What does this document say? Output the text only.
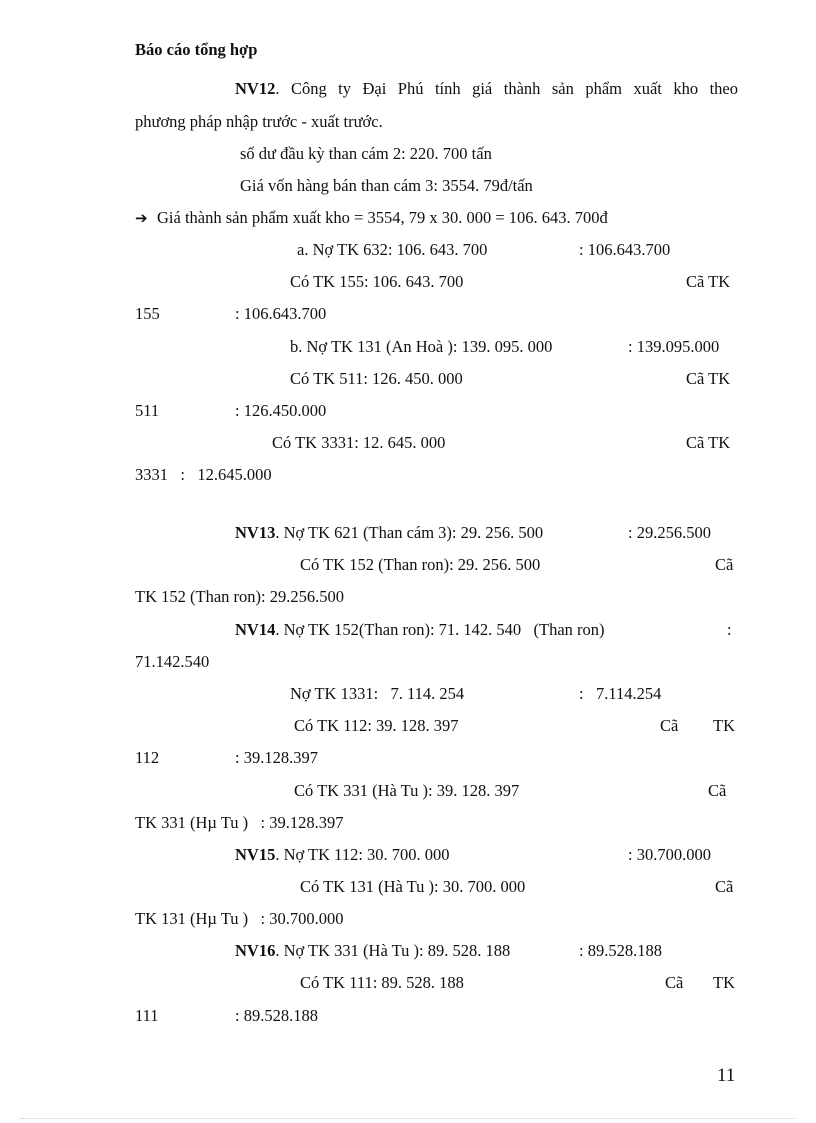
Báo cáo tổng hợp
NV12. Công ty Đại Phú tính giá thành sản phẩm xuất kho theo
phương pháp nhập trước - xuất trước.
số dư đầu kỳ than cám 2: 220. 700 tấn
Giá vốn hàng bán than cám 3: 3554. 79đ/tấn
➔ Giá thành sản phẩm xuất kho = 3554, 79 x 30. 000 = 106. 643. 700đ
a. Nợ TK 632: 106. 643. 700	: 106.643.700
Có TK 155: 106. 643. 700	Cã TK
155	: 106.643.700
b. Nợ TK 131 (An Hoà ): 139. 095. 000	: 139.095.000
Có TK 511: 126. 450. 000	Cã TK
511	: 126.450.000
Có TK 3331: 12. 645. 000	Cã TK
3331   :   12.645.000
NV13. Nợ TK 621 (Than cám 3): 29. 256. 500	: 29.256.500
Có TK 152 (Than ron): 29. 256. 500	Cã
TK 152 (Than ron): 29.256.500
NV14. Nợ TK 152(Than ron): 71. 142. 540   (Than ron)	:
71.142.540
Nợ TK 1331:   7. 114. 254	:   7.114.254
Có TK 112: 39. 128. 397	Cã TK
112	: 39.128.397
Có TK 331 (Hà Tu ): 39. 128. 397	Cã
TK 331 (Hµ Tu )   : 39.128.397
NV15. Nợ TK 112: 30. 700. 000	: 30.700.000
Có TK 131 (Hà Tu ): 30. 700. 000	Cã
TK 131 (Hµ Tu )   : 30.700.000
NV16. Nợ TK 331 (Hà Tu ): 89. 528. 188	: 89.528.188
Có TK 111: 89. 528. 188	Cã TK
111	: 89.528.188
11
